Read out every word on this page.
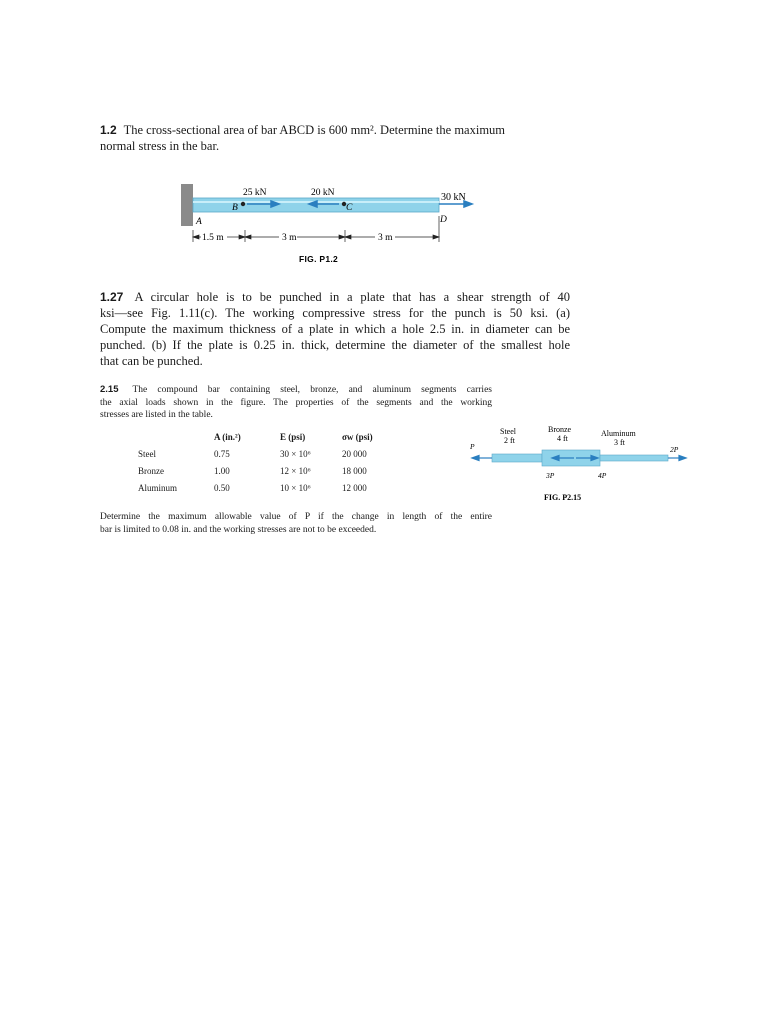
1.2 The cross-sectional area of bar ABCD is 600 mm². Determine the maximum

normal stress in the bar.

25 kN	20 kN	30 kN
A
B	C
D
1.5 m	3 m	3 m
FIG. P1.2

1.27 A circular hole is to be punched in a plate that has a shear strength of 40

ksi—see Fig. 1.11(c). The working compressive stress for the punch is 50 ksi. (a)

Compute the maximum thickness of a plate in which a hole 2.5 in. in diameter can be

punched. (b) If the plate is 0.25 in. thick, determine the diameter of the smallest hole

that can be punched.

2.15 The compound bar containing steel, bronze, and aluminum segments carries

the axial loads shown in the figure. The properties of the segments and the working

stresses are listed in the table.

	A (in.²)	E (psi)	σw (psi)
Steel	0.75	30 × 10⁶	20 000
Bronze	1.00	12 × 10⁶	18 000
Aluminum	0.50	10 × 10⁶	12 000
Steel
2 ft
Bronze
4 ft
Aluminum
3 ft
P
3P	4P
2P
FIG. P2.15

Determine the maximum allowable value of P if the change in length of the entire

bar is limited to 0.08 in. and the working stresses are not to be exceeded.
